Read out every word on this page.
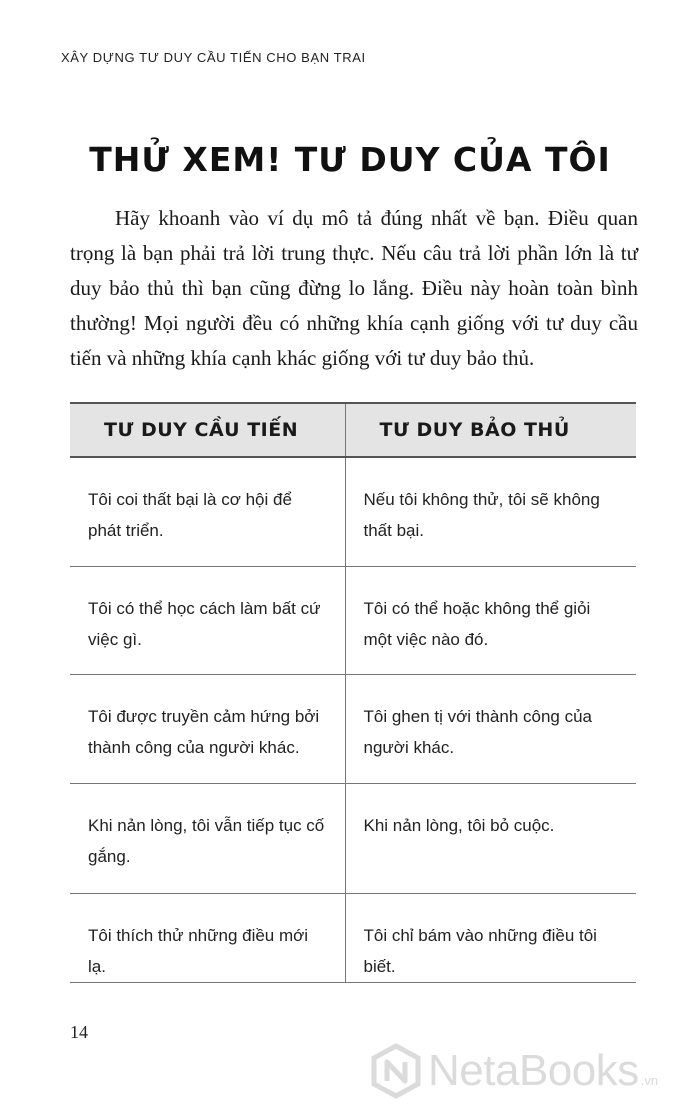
XÂY DỰNG TƯ DUY CẦU TIẾN CHO BẠN TRAI
THỬ XEM! TƯ DUY CỦA TÔI

Hãy khoanh vào ví dụ mô tả đúng nhất về bạn. Điều quan trọng là bạn phải trả lời trung thực. Nếu câu trả lời phần lớn là tư duy bảo thủ thì bạn cũng đừng lo lắng. Điều này hoàn toàn bình thường! Mọi người đều có những khía cạnh giống với tư duy cầu tiến và những khía cạnh khác giống với tư duy bảo thủ.

TƯ DUY CẦU TIẾN	TƯ DUY BẢO THỦ
Tôi coi thất bại là cơ hội để phát triển.	Nếu tôi không thử, tôi sẽ không thất bại.
Tôi có thể học cách làm bất cứ việc gì.	Tôi có thể hoặc không thể giỏi một việc nào đó.
Tôi được truyền cảm hứng bởi thành công của người khác.	Tôi ghen tị với thành công của người khác.
Khi nản lòng, tôi vẫn tiếp tục cố gắng.	Khi nản lòng, tôi bỏ cuộc.
Tôi thích thử những điều mới lạ.	Tôi chỉ bám vào những điều tôi biết.
14
NetaBooks .vn
